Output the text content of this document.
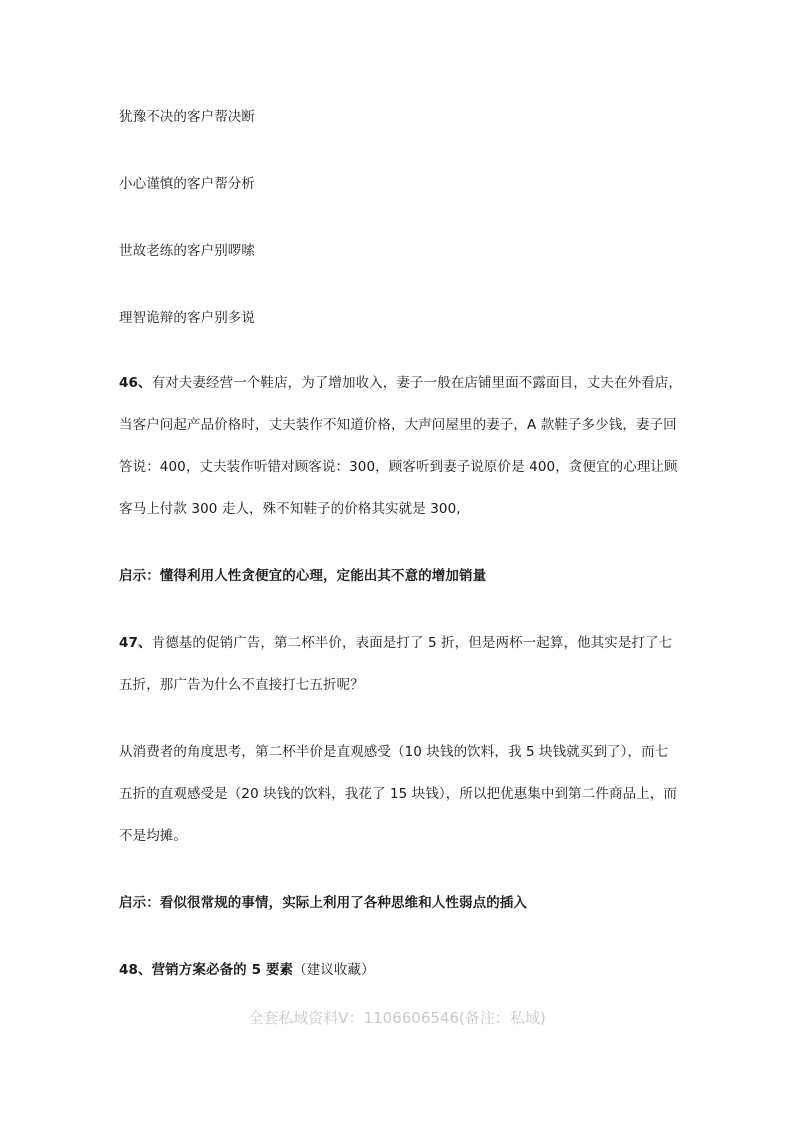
犹豫不决的客户帮决断
小心谨慎的客户帮分析
世故老练的客户别啰嗦
理智诡辩的客户别多说
46、有对夫妻经营一个鞋店，为了增加收入，妻子一般在店铺里面不露面目，丈夫在外看店，
当客户问起产品价格时，丈夫装作不知道价格，大声问屋里的妻子，A 款鞋子多少钱，妻子回
答说：400，丈夫装作听错对顾客说：300，顾客听到妻子说原价是 400，贪便宜的心理让顾
客马上付款 300 走人，殊不知鞋子的价格其实就是 300,
启示：懂得利用人性贪便宜的心理，定能出其不意的增加销量
47、肯德基的促销广告，第二杯半价，表面是打了 5 折，但是两杯一起算，他其实是打了七
五折，那广告为什么不直接打七五折呢？
从消费者的角度思考，第二杯半价是直观感受（10 块钱的饮料，我 5 块钱就买到了），而七
五折的直观感受是（20 块钱的饮料，我花了 15 块钱），所以把优惠集中到第二件商品上，而
不是均摊。
启示：看似很常规的事情，实际上利用了各种思维和人性弱点的插入
48、营销方案必备的 5 要素（建议收藏）
全套私域资料V：1106606546(备注：私域)
